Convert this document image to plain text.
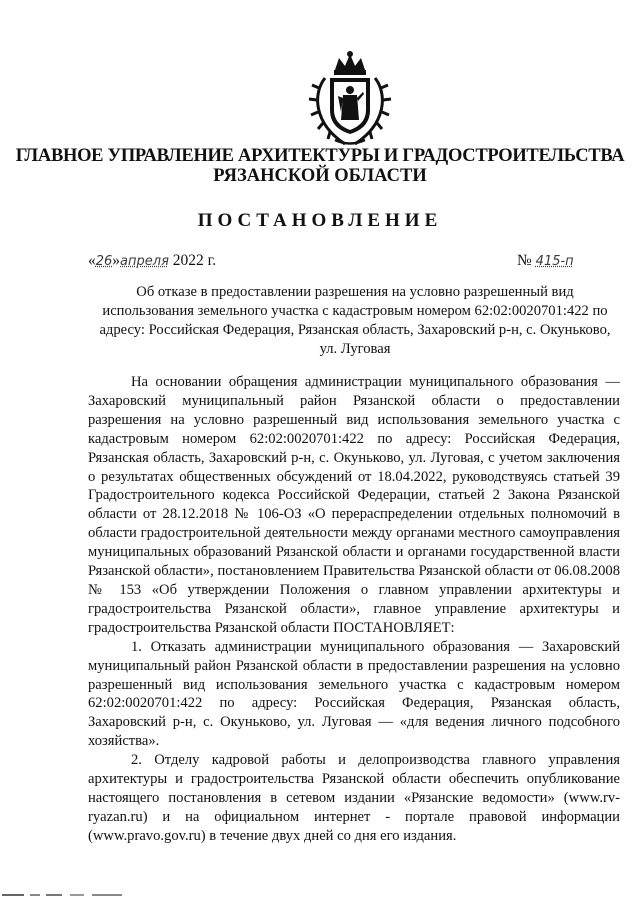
ГЛАВНОЕ УПРАВЛЕНИЕ АРХИТЕКТУРЫ И ГРАДОСТРОИТЕЛЬСТВА
РЯЗАНСКОЙ ОБЛАСТИ
ПОСТАНОВЛЕНИЕ
«26»апреля 2022 г.	№ 415-п
Об отказе в предоставлении разрешения на условно разрешенный вид использования земельного участка с кадастровым номером 62:02:0020701:422 по адресу: Российская Федерация, Рязанская область, Захаровский р-н, с. Окуньково, ул. Луговая

На основании обращения администрации муниципального образования — Захаровский муниципальный район Рязанской области о предоставлении разрешения на условно разрешенный вид использования земельного участка с кадастровым номером 62:02:0020701:422 по адресу: Российская Федерация, Рязанская область, Захаровский р-н, с. Окуньково, ул. Луговая, с учетом заключения о результатах общественных обсуждений от 18.04.2022, руководствуясь статьей 39 Градостроительного кодекса Российской Федерации, статьей 2 Закона Рязанской области от 28.12.2018 № 106-ОЗ «О перераспределении отдельных полномочий в области градостроительной деятельности между органами местного самоуправления муниципальных образований Рязанской области и органами государственной власти Рязанской области», постановлением Правительства Рязанской области от 06.08.2008 № 153 «Об утверждении Положения о главном управлении архитектуры и градостроительства Рязанской области», главное управление архитектуры и градостроительства Рязанской области ПОСТАНОВЛЯЕТ:

1. Отказать администрации муниципального образования — Захаровский муниципальный район Рязанской области в предоставлении разрешения на условно разрешенный вид использования земельного участка с кадастровым номером 62:02:0020701:422 по адресу: Российская Федерация, Рязанская область, Захаровский р-н, с. Окуньково, ул. Луговая — «для ведения личного подсобного хозяйства».

2. Отделу кадровой работы и делопроизводства главного управления архитектуры и градостроительства Рязанской области обеспечить опубликование настоящего постановления в сетевом издании «Рязанские ведомости» (www.rv-ryazan.ru) и на официальном интернет - портале правовой информации (www.pravo.gov.ru) в течение двух дней со дня его издания.
